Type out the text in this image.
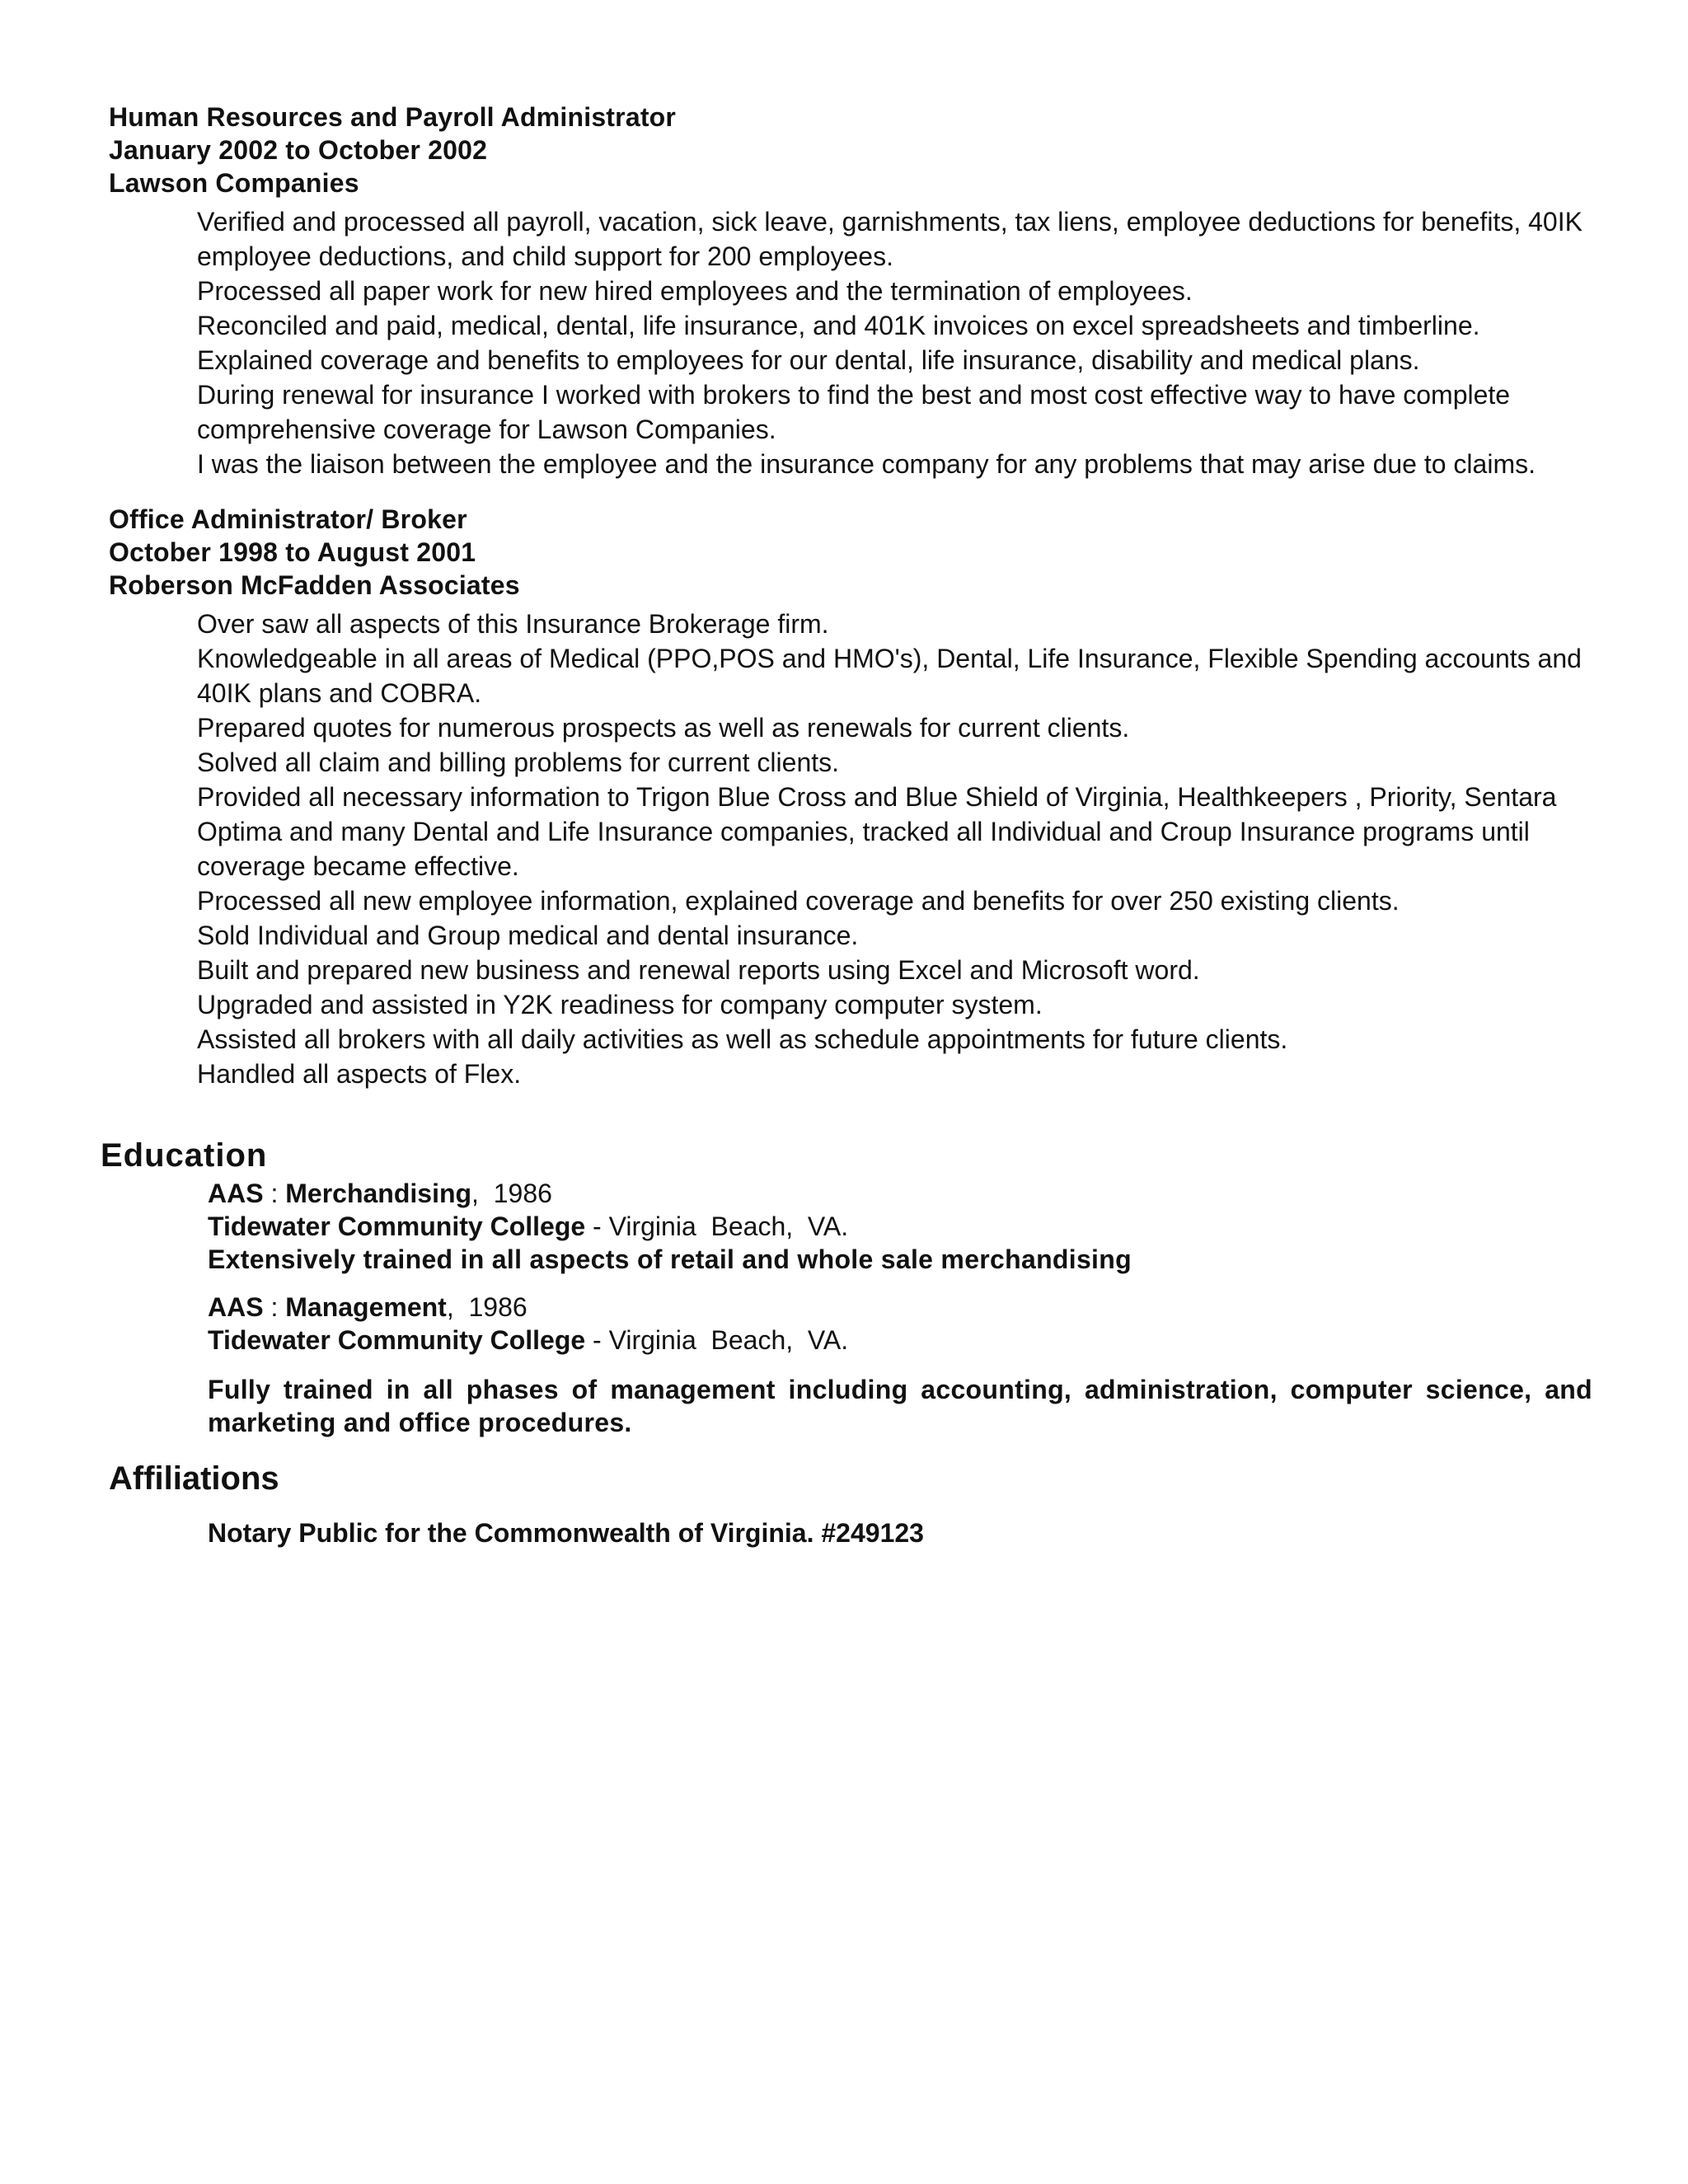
Human Resources and Payroll Administrator
January 2002 to October 2002
Lawson Companies
Verified and processed all payroll, vacation, sick leave, garnishments, tax liens, employee deductions for benefits, 40IK employee deductions, and child support for 200 employees.
Processed all paper work for new hired employees and the termination of employees.
Reconciled and paid, medical, dental, life insurance, and 401K invoices on excel spreadsheets and timberline.
Explained coverage and benefits to employees for our dental, life insurance, disability and medical plans.
During renewal for insurance I worked with brokers to find the best and most cost effective way to have complete comprehensive coverage for Lawson Companies.
I was the liaison between the employee and the insurance company for any problems that may arise due to claims.
Office Administrator/ Broker
October 1998 to August 2001
Roberson McFadden Associates
Over saw all aspects of this Insurance Brokerage firm.
Knowledgeable in all areas of Medical (PPO,POS and HMO's), Dental, Life Insurance, Flexible Spending accounts and 40IK plans and COBRA.
Prepared quotes for numerous prospects as well as renewals for current clients.
Solved all claim and billing problems for current clients.
Provided all necessary information to Trigon Blue Cross and Blue Shield of Virginia, Healthkeepers , Priority, Sentara Optima and many Dental and Life Insurance companies, tracked all Individual and Croup Insurance programs until coverage became effective.
Processed all new employee information, explained coverage and benefits for over 250 existing clients.
Sold Individual and Group medical and dental insurance.
Built and prepared new business and renewal reports using Excel and Microsoft word.
Upgraded and assisted in Y2K readiness for company computer system.
Assisted all brokers with all daily activities as well as schedule appointments for future clients.
Handled all aspects of Flex.
Education
AAS : Merchandising,  1986
Tidewater Community College - Virginia  Beach,  VA.
Extensively trained in all aspects of retail and whole sale merchandising
AAS : Management,  1986
Tidewater Community College - Virginia  Beach,  VA.
Fully trained in all phases of management including accounting, administration, computer science, and marketing and office procedures.
Affiliations
Notary Public for the Commonwealth of Virginia. #249123
